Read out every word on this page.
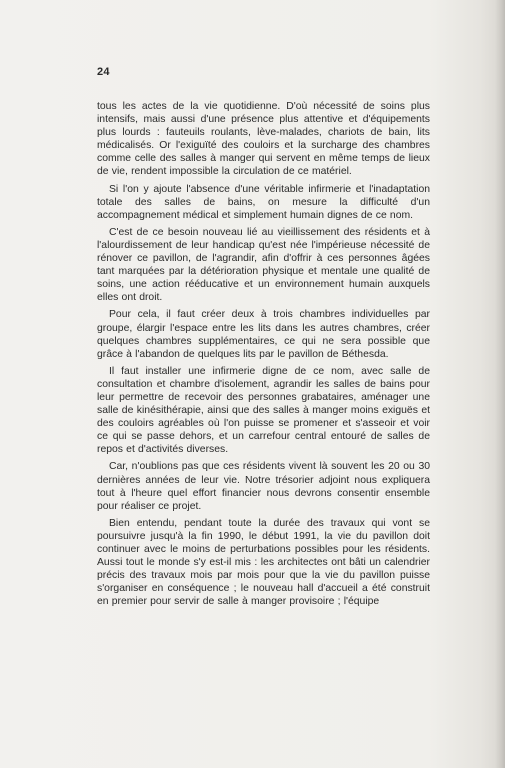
24

tous les actes de la vie quotidienne. D'où nécessité de soins plus intensifs, mais aussi d'une présence plus attentive et d'équipements plus lourds : fauteuils roulants, lève-malades, chariots de bain, lits médicalisés. Or l'exiguïté des couloirs et la surcharge des chambres comme celle des salles à manger qui servent en même temps de lieux de vie, rendent impossible la circulation de ce matériel.

Si l'on y ajoute l'absence d'une véritable infirmerie et l'inadaptation totale des salles de bains, on mesure la difficulté d'un accompagnement médical et simplement humain dignes de ce nom.

C'est de ce besoin nouveau lié au vieillissement des résidents et à l'alourdissement de leur handicap qu'est née l'impérieuse nécessité de rénover ce pavillon, de l'agrandir, afin d'offrir à ces personnes âgées tant marquées par la détérioration physique et mentale une qualité de soins, une action rééducative et un environnement humain auxquels elles ont droit.

Pour cela, il faut créer deux à trois chambres individuelles par groupe, élargir l'espace entre les lits dans les autres chambres, créer quelques chambres supplémentaires, ce qui ne sera possible que grâce à l'abandon de quelques lits par le pavillon de Béthesda.

Il faut installer une infirmerie digne de ce nom, avec salle de consultation et chambre d'isolement, agrandir les salles de bains pour leur permettre de recevoir des personnes grabataires, aménager une salle de kinésithérapie, ainsi que des salles à manger moins exiguës et des couloirs agréables où l'on puisse se promener et s'asseoir et voir ce qui se passe dehors, et un carrefour central entouré de salles de repos et d'activités diverses.

Car, n'oublions pas que ces résidents vivent là souvent les 20 ou 30 dernières années de leur vie. Notre trésorier adjoint nous expliquera tout à l'heure quel effort financier nous devrons consentir ensemble pour réaliser ce projet.

Bien entendu, pendant toute la durée des travaux qui vont se poursuivre jusqu'à la fin 1990, le début 1991, la vie du pavillon doit continuer avec le moins de perturbations possibles pour les résidents. Aussi tout le monde s'y est-il mis : les architectes ont bâti un calendrier précis des travaux mois par mois pour que la vie du pavillon puisse s'organiser en conséquence ; le nouveau hall d'accueil a été construit en premier pour servir de salle à manger provisoire ; l'équipe
